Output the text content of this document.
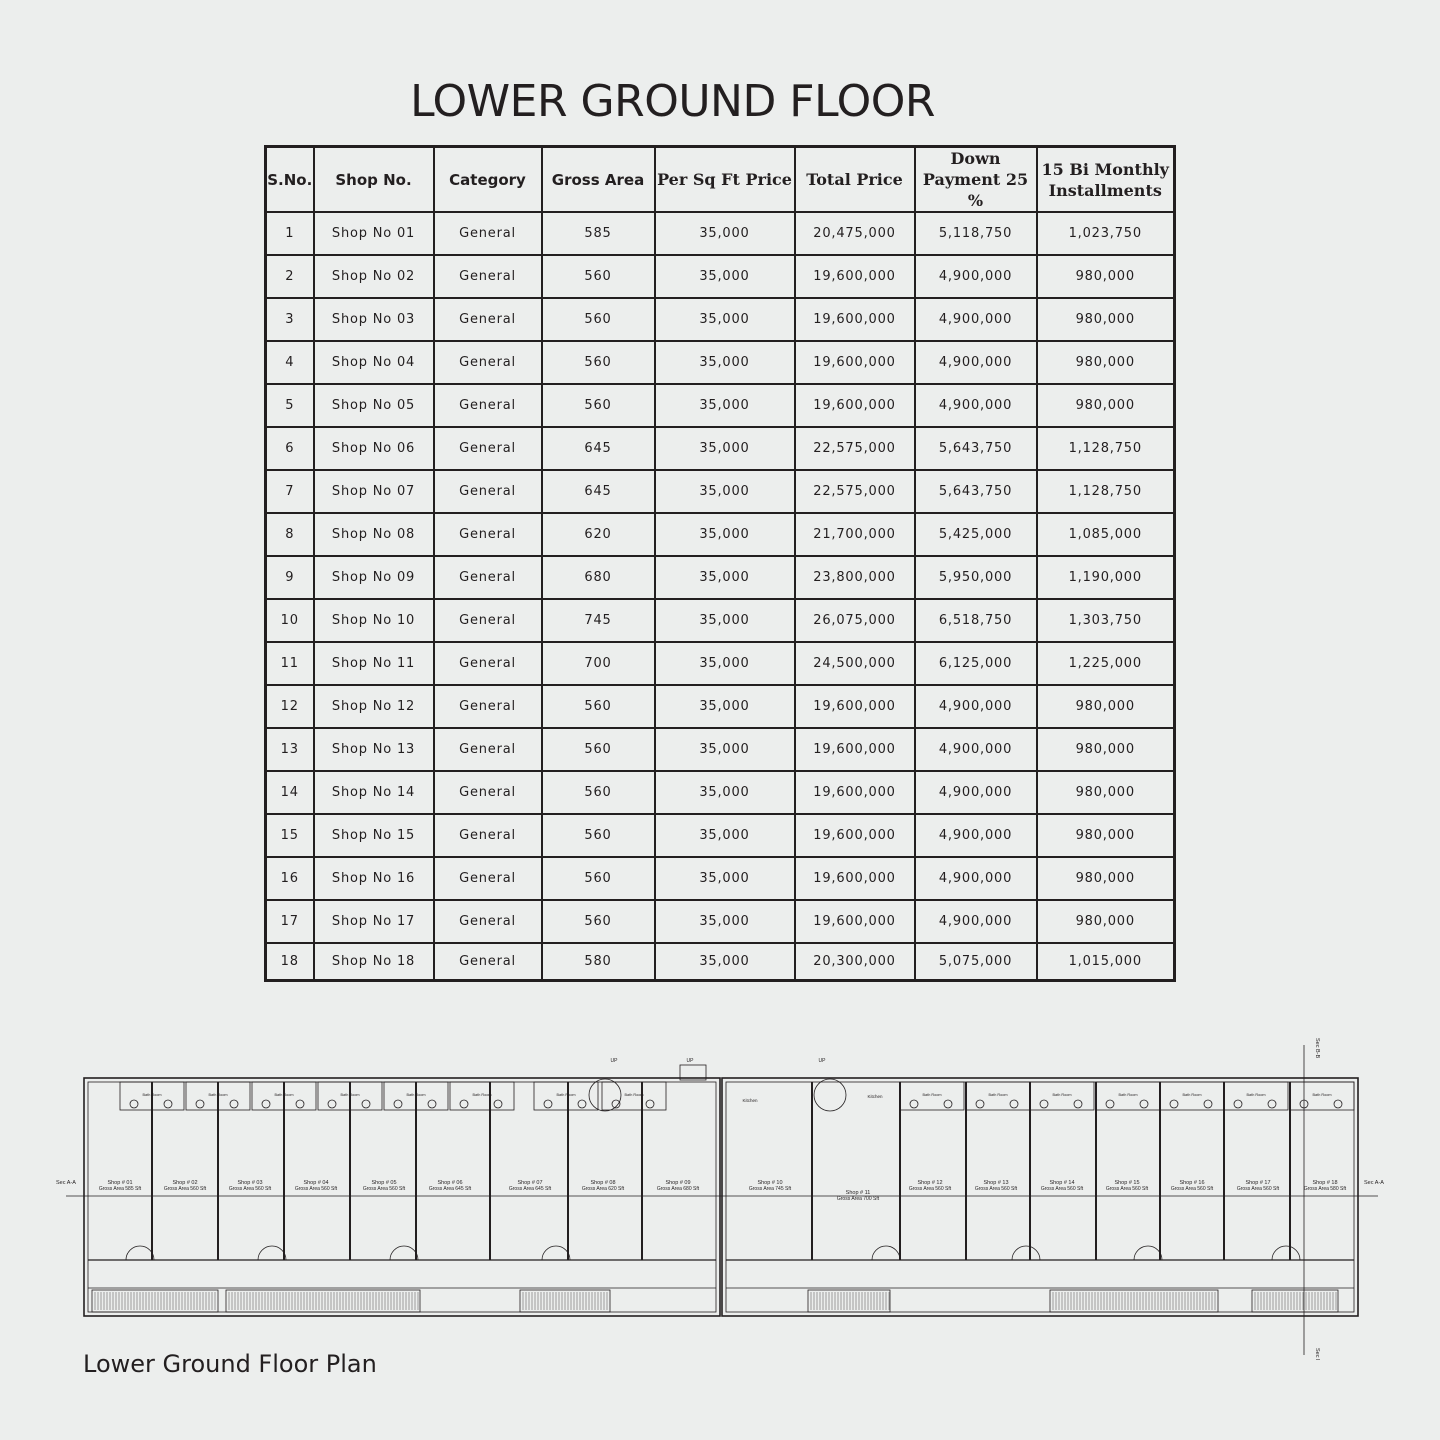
LOWER GROUND FLOOR
S.No.	Shop No.	Category	Gross Area	Per Sq Ft Price	Total Price	Down Payment 25 %	15 Bi Monthly Installments
1	Shop No 01	General	585	35,000	20,475,000	5,118,750	1,023,750
2	Shop No 02	General	560	35,000	19,600,000	4,900,000	980,000
3	Shop No 03	General	560	35,000	19,600,000	4,900,000	980,000
4	Shop No 04	General	560	35,000	19,600,000	4,900,000	980,000
5	Shop No 05	General	560	35,000	19,600,000	4,900,000	980,000
6	Shop No 06	General	645	35,000	22,575,000	5,643,750	1,128,750
7	Shop No 07	General	645	35,000	22,575,000	5,643,750	1,128,750
8	Shop No 08	General	620	35,000	21,700,000	5,425,000	1,085,000
9	Shop No 09	General	680	35,000	23,800,000	5,950,000	1,190,000
10	Shop No 10	General	745	35,000	26,075,000	6,518,750	1,303,750
11	Shop No 11	General	700	35,000	24,500,000	6,125,000	1,225,000
12	Shop No 12	General	560	35,000	19,600,000	4,900,000	980,000
13	Shop No 13	General	560	35,000	19,600,000	4,900,000	980,000
14	Shop No 14	General	560	35,000	19,600,000	4,900,000	980,000
15	Shop No 15	General	560	35,000	19,600,000	4,900,000	980,000
16	Shop No 16	General	560	35,000	19,600,000	4,900,000	980,000
17	Shop No 17	General	560	35,000	19,600,000	4,900,000	980,000
18	Shop No 18	General	580	35,000	20,300,000	5,075,000	1,015,000
Shop # 01
Gross Area 585 Sft
Shop # 02
Gross Area 560 Sft
Shop # 03
Gross Area 560 Sft
Shop # 04
Gross Area 560 Sft
Shop # 05
Gross Area 560 Sft
Shop # 06
Gross Area 645 Sft
Shop # 07
Gross Area 645 Sft
Shop # 08
Gross Area 620 Sft
Shop # 09
Gross Area 680 Sft
Shop # 10
Gross Area 745 Sft
Shop # 11
Gross Area 700 Sft
Shop # 12
Gross Area 560 Sft
Shop # 13
Gross Area 560 Sft
Shop # 14
Gross Area 560 Sft
Shop # 15
Gross Area 560 Sft
Shop # 16
Gross Area 560 Sft
Shop # 17
Gross Area 560 Sft
Shop # 18
Gross Area 580 Sft
Sec A-A	Sec A-A
Sec B-B
Sec B-B
UP	UP	UP
Kitchen
Kitchen
Bath Room	Bath Room	Bath Room	Bath Room	Bath Room	Bath Room	Bath Room	Bath Room	Bath Room	Bath Room	Bath Room	Bath Room	Bath Room	Bath Room	Bath Room
Lower Ground Floor Plan
